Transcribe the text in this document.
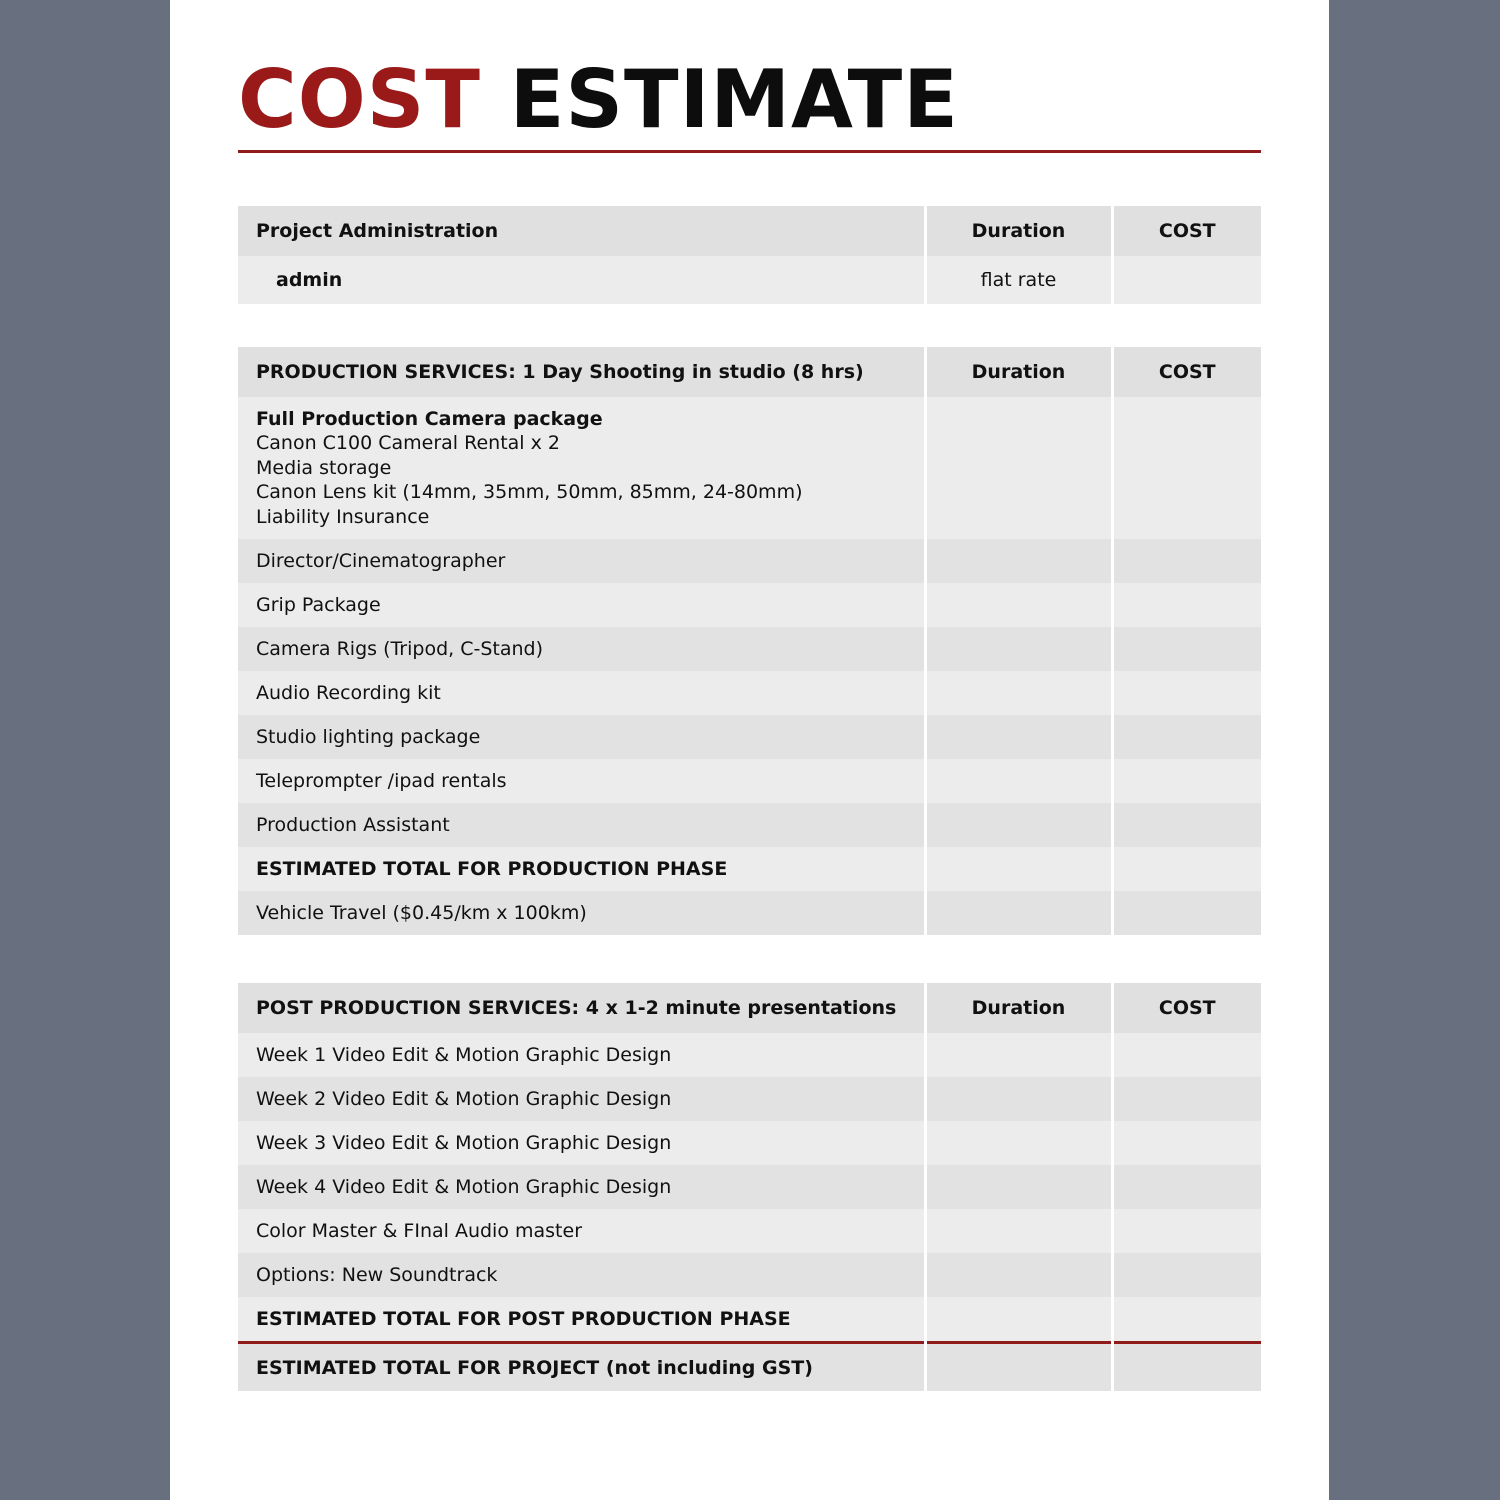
COST ESTIMATE
Project Administration	Duration	COST
admin	flat rate	
PRODUCTION SERVICES: 1 Day Shooting in studio (8 hrs)	Duration	COST

Full Production Camera package
Canon C100 Cameral Rental x 2
Media storage
Canon Lens kit (14mm, 35mm, 50mm, 85mm, 24-80mm)
Liability Insurance		

Director/Cinematographer		
Grip Package		
Camera Rigs (Tripod, C-Stand)		
Audio Recording kit		
Studio lighting package		
Teleprompter /ipad rentals		
Production Assistant		
ESTIMATED TOTAL FOR PRODUCTION PHASE		
Vehicle Travel ($0.45/km x 100km)		
POST PRODUCTION SERVICES: 4 x 1-2 minute presentations	Duration	COST
Week 1 Video Edit & Motion Graphic Design		
Week 2 Video Edit & Motion Graphic Design		
Week 3 Video Edit & Motion Graphic Design		
Week 4 Video Edit & Motion Graphic Design		
Color Master & FInal Audio master		
Options: New Soundtrack		
ESTIMATED TOTAL FOR POST PRODUCTION PHASE		
ESTIMATED TOTAL FOR PROJECT (not including GST)		
